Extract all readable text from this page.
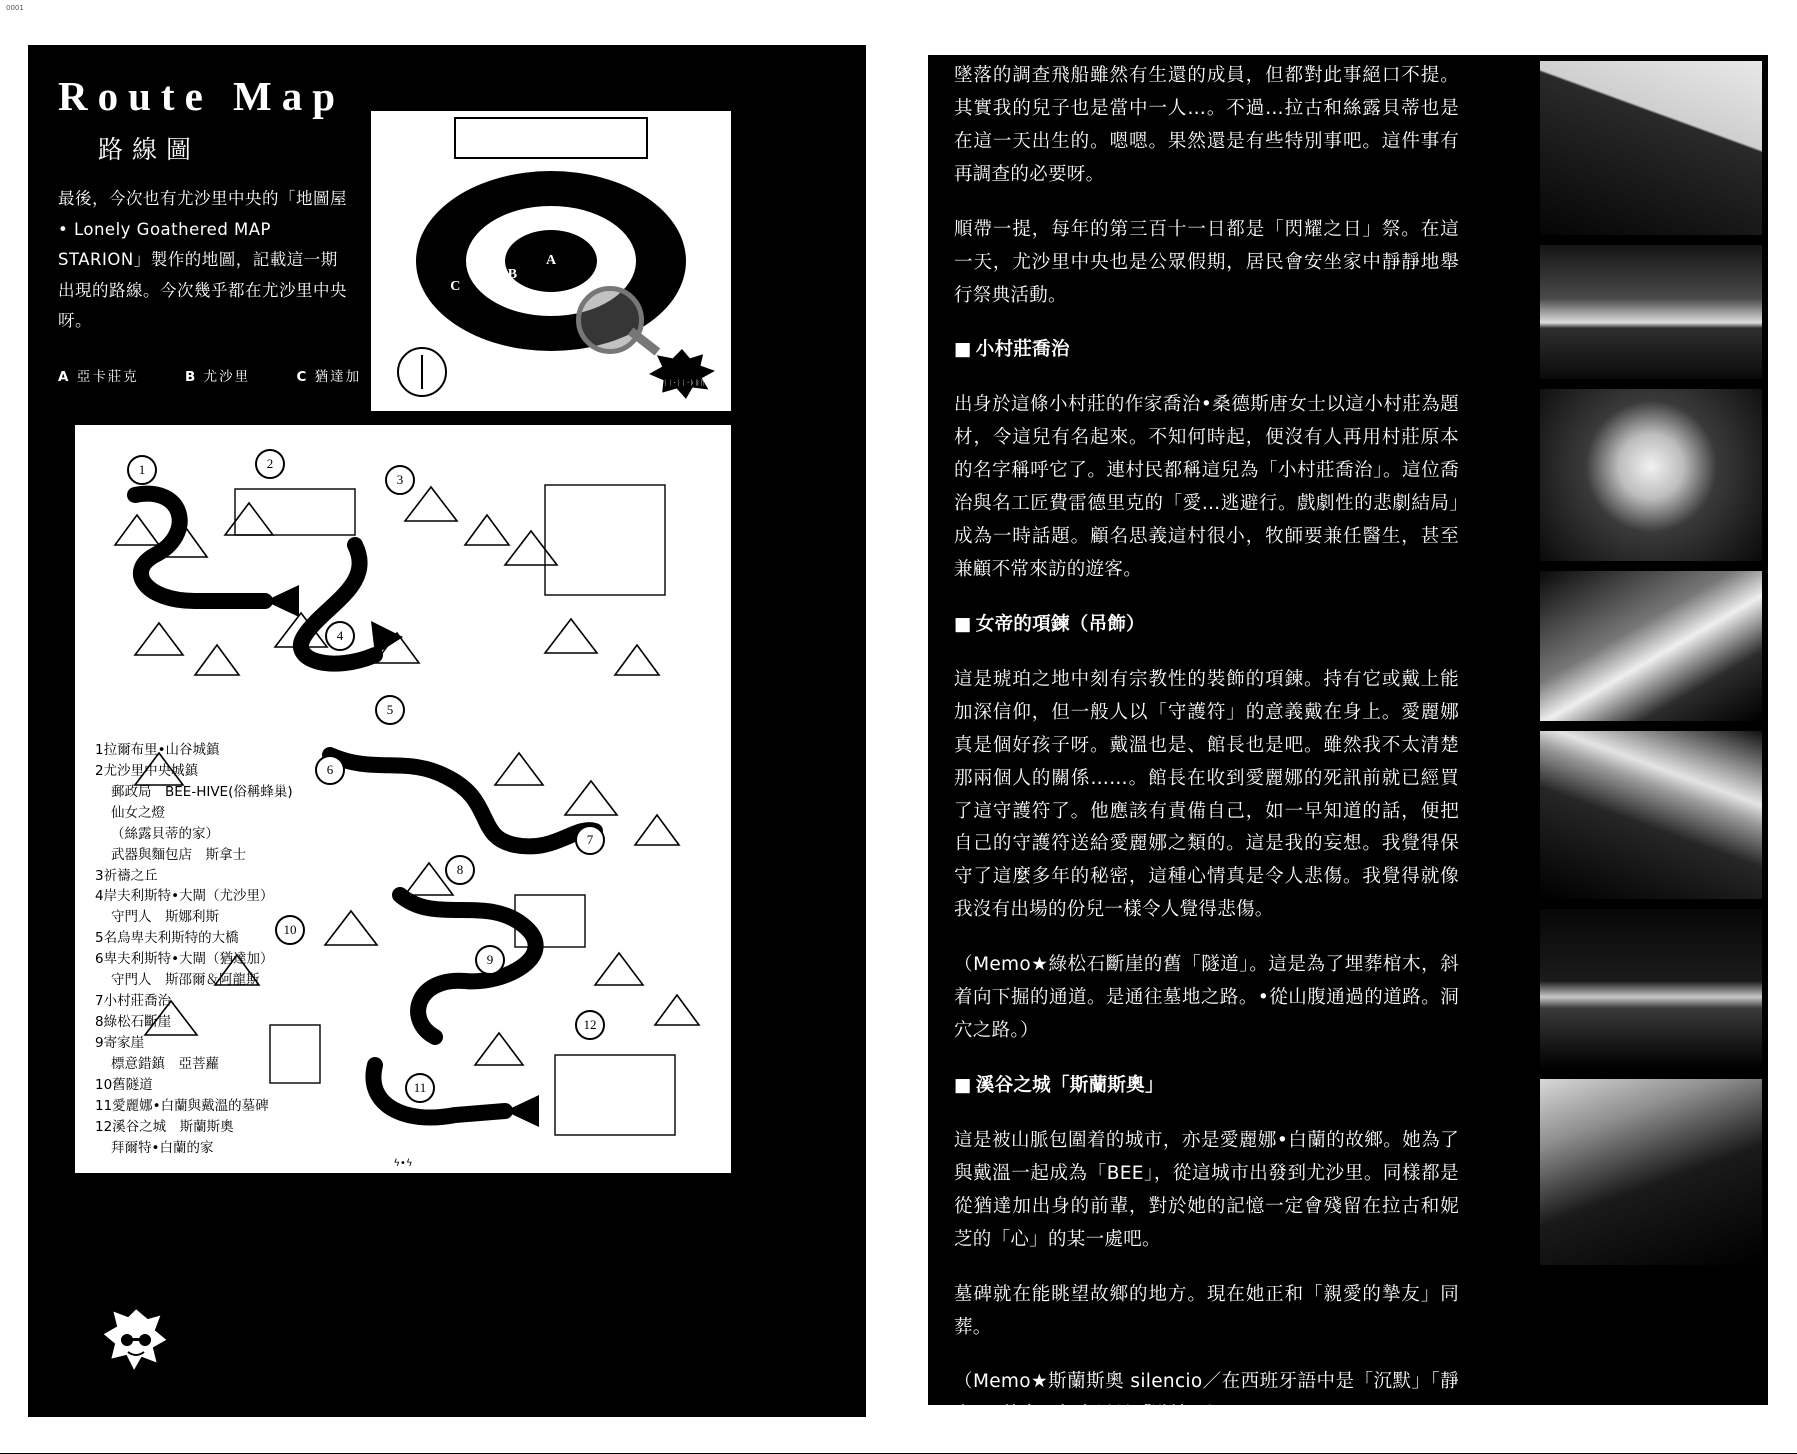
0001
Route Map
路線圖
最後，今次也有尤沙里中央的「地圖屋 • Lonely Goathered MAP STARION」製作的地圖，記載這一期出現的路線。今次幾乎都在尤沙里中央呀。
A 亞卡莊克	B 尤沙里	C 猶達加
ᛏᚢᛁᛁ·ᛁᛁ·ᚦᛒᚢᛖ
A
B
C
ᛏᚢᛁᛁ·ᛁᛁ·ᚦᛒᚢᛖ
1	2
3
4
5
6
7
8
9
10
11
12
1拉爾布里•山谷城鎮
2尤沙里中央城鎮
郵政局　BEE-HIVE(俗稱蜂巢)
仙女之燈
（絲露貝蒂的家）
武器與麵包店　斯拿士
3祈禱之丘
4岸夫利斯特•大閘（尤沙里）
守門人　斯娜利斯
5名烏卑夫利斯特的大橋
6卑夫利斯特•大閘（猶達加）
守門人　斯邵爾＆阿龍斯
7小村莊喬治
8綠松石斷崖
9寄家崖
標意錯鎮　亞菩蘿
10舊隧道
11愛麗娜•白蘭與戴溫的墓碑
12溪谷之城　斯蘭斯奧
拜爾特•白蘭的家
ϟ•ϟ
大家溫習了嗎。這種事都沒所謂啦｜和我出場相比起來｜…不過，很快就會出場吧—｜真緊張。再下下期就到我在封面了吧—｜真顯痛啊—｜是封面呀—我呀—｜

墜落的調查飛船雖然有生還的成員，但都對此事絕口不提。其實我的兒子也是當中一人…。不過…拉古和絲露貝蒂也是在這一天出生的。嗯嗯。果然還是有些特別事吧。這件事有再調查的必要呀。

順帶一提，每年的第三百十一日都是「閃耀之日」祭。在這一天，尤沙里中央也是公眾假期，居民會安坐家中靜靜地舉行祭典活動。

■ 小村莊喬治

出身於這條小村莊的作家喬治•桑德斯唐女士以這小村莊為題材，令這兒有名起來。不知何時起，便沒有人再用村莊原本的名字稱呼它了。連村民都稱這兒為「小村莊喬治」。這位喬治與名工匠費雷德里克的「愛…逃避行。戲劇性的悲劇結局」成為一時話題。顧名思義這村很小，牧師要兼任醫生，甚至兼顧不常來訪的遊客。

■ 女帝的項鍊（吊飾）

這是琥珀之地中刻有宗教性的裝飾的項鍊。持有它或戴上能加深信仰，但一般人以「守護符」的意義戴在身上。愛麗娜真是個好孩子呀。戴溫也是、館長也是吧。雖然我不太清楚那兩個人的關係……。館長在收到愛麗娜的死訊前就已經買了這守護符了。他應該有責備自己，如一早知道的話，便把自己的守護符送給愛麗娜之類的。這是我的妄想。我覺得保守了這麼多年的秘密，這種心情真是令人悲傷。我覺得就像我沒有出場的份兒一樣令人覺得悲傷。

（Memo★綠松石斷崖的舊「隧道」。這是為了埋葬棺木，斜着向下掘的通道。是通往墓地之路。•從山腹通過的道路。洞穴之路。）

■ 溪谷之城「斯蘭斯奧」

這是被山脈包圍着的城市，亦是愛麗娜•白蘭的故鄉。她為了與戴溫一起成為「BEE」，從這城市出發到尤沙里。同樣都是從猶達加出身的前輩，對於她的記憶一定會殘留在拉古和妮芝的「心」的某一處吧。

墓碑就在能眺望故鄉的地方。現在她正和「親愛的摯友」同葬。

（Memo★斯蘭斯奧 silencio／在西班牙語中是「沉默」「靜寂」。其中一個意思是「默禱」。）
